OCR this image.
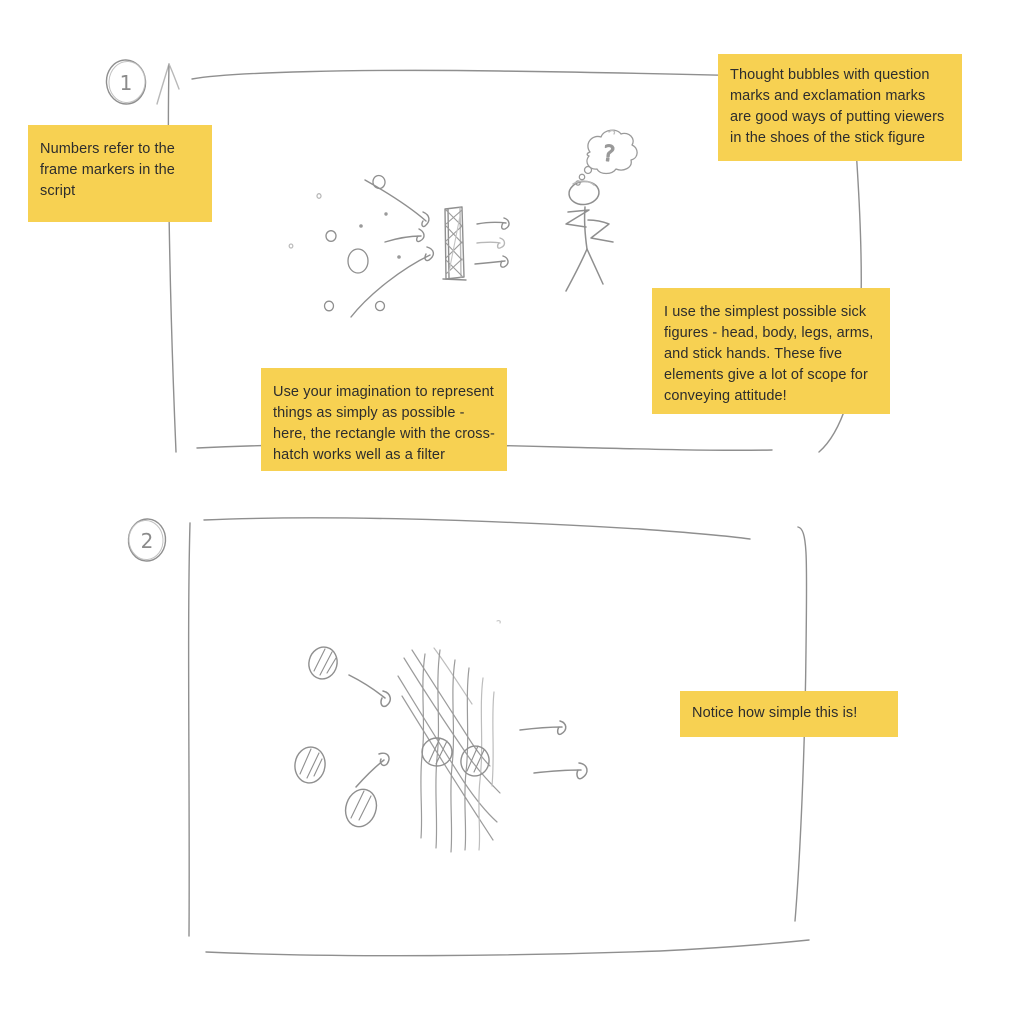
1
?
2
Numbers refer to the frame markers in the script
Thought bubbles with question marks and exclamation marks are good ways of putting viewers in the shoes of the stick figure
I use the simplest possible sick figures - head, body, legs, arms, and stick hands. These five elements give a lot of scope for conveying attitude!
Use your imagination to represent things as simply as possible - here, the rectangle with the cross-hatch works well as a filter
Notice how simple this is!
